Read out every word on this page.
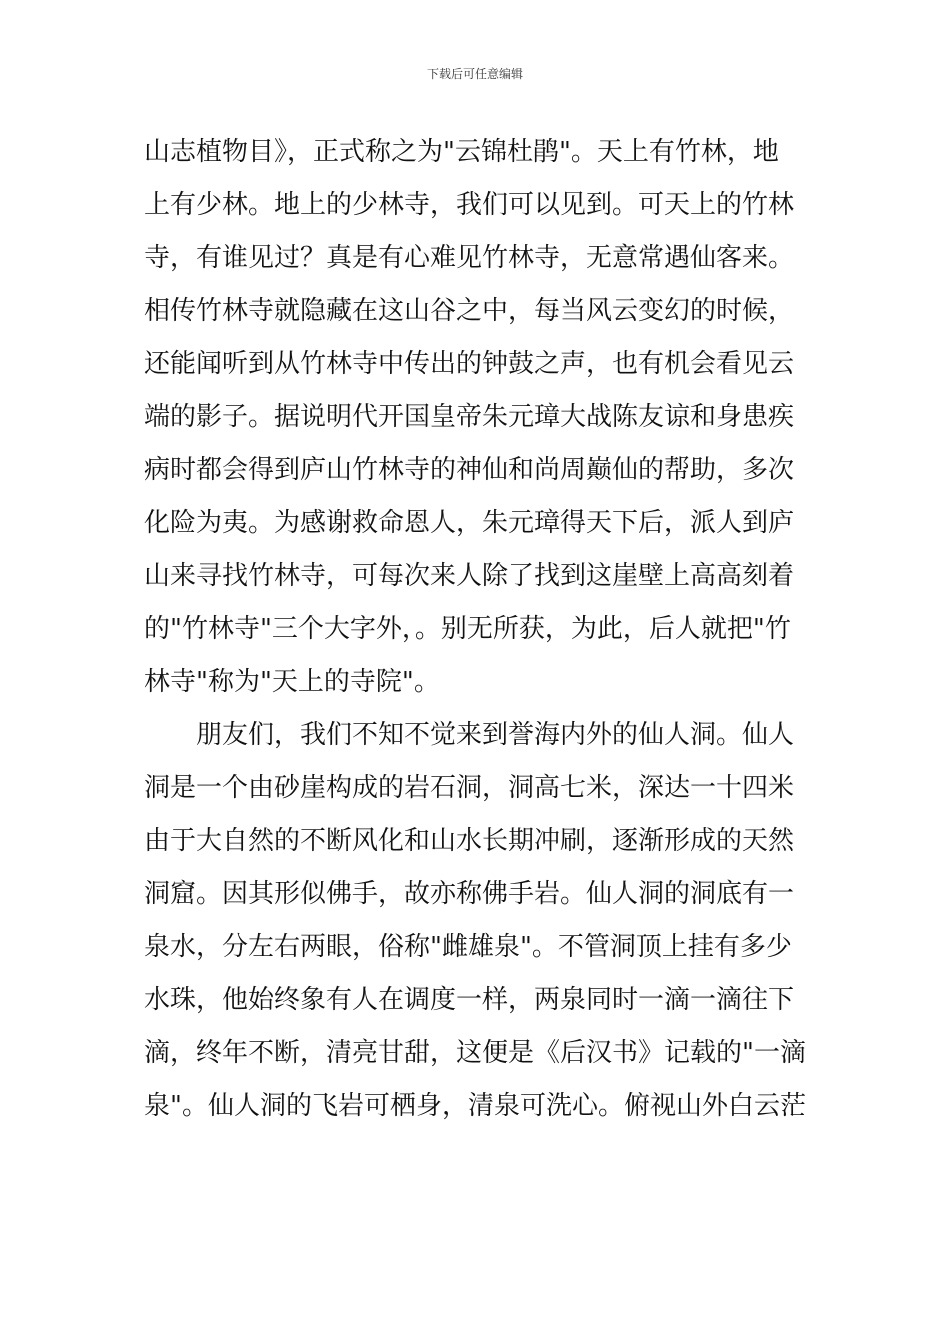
下载后可任意编辑
山志植物目》，正式称之为"云锦杜鹃"。天上有竹林，地
上有少林。地上的少林寺，我们可以见到。可天上的竹林
寺，有谁见过？真是有心难见竹林寺，无意常遇仙客来。
相传竹林寺就隐藏在这山谷之中，每当风云变幻的时候，
还能闻听到从竹林寺中传出的钟鼓之声，也有机会看见云
端的影子。据说明代开国皇帝朱元璋大战陈友谅和身患疾
病时都会得到庐山竹林寺的神仙和尚周巅仙的帮助，多次
化险为夷。为感谢救命恩人，朱元璋得天下后，派人到庐
山来寻找竹林寺，可每次来人除了找到这崖壁上高高刻着
的"竹林寺"三个大字外，。别无所获，为此，后人就把"竹
林寺"称为"天上的寺院"。
朋友们，我们不知不觉来到誉海内外的仙人洞。仙人
洞是一个由砂崖构成的岩石洞，洞高七米，深达一十四米
由于大自然的不断风化和山水长期冲刷，逐渐形成的天然
洞窟。因其形似佛手，故亦称佛手岩。仙人洞的洞底有一
泉水，分左右两眼，俗称"雌雄泉"。不管洞顶上挂有多少
水珠，他始终象有人在调度一样，两泉同时一滴一滴往下
滴，终年不断，清亮甘甜，这便是《后汉书》记载的"一滴
泉"。仙人洞的飞岩可栖身，清泉可洗心。俯视山外白云茫
